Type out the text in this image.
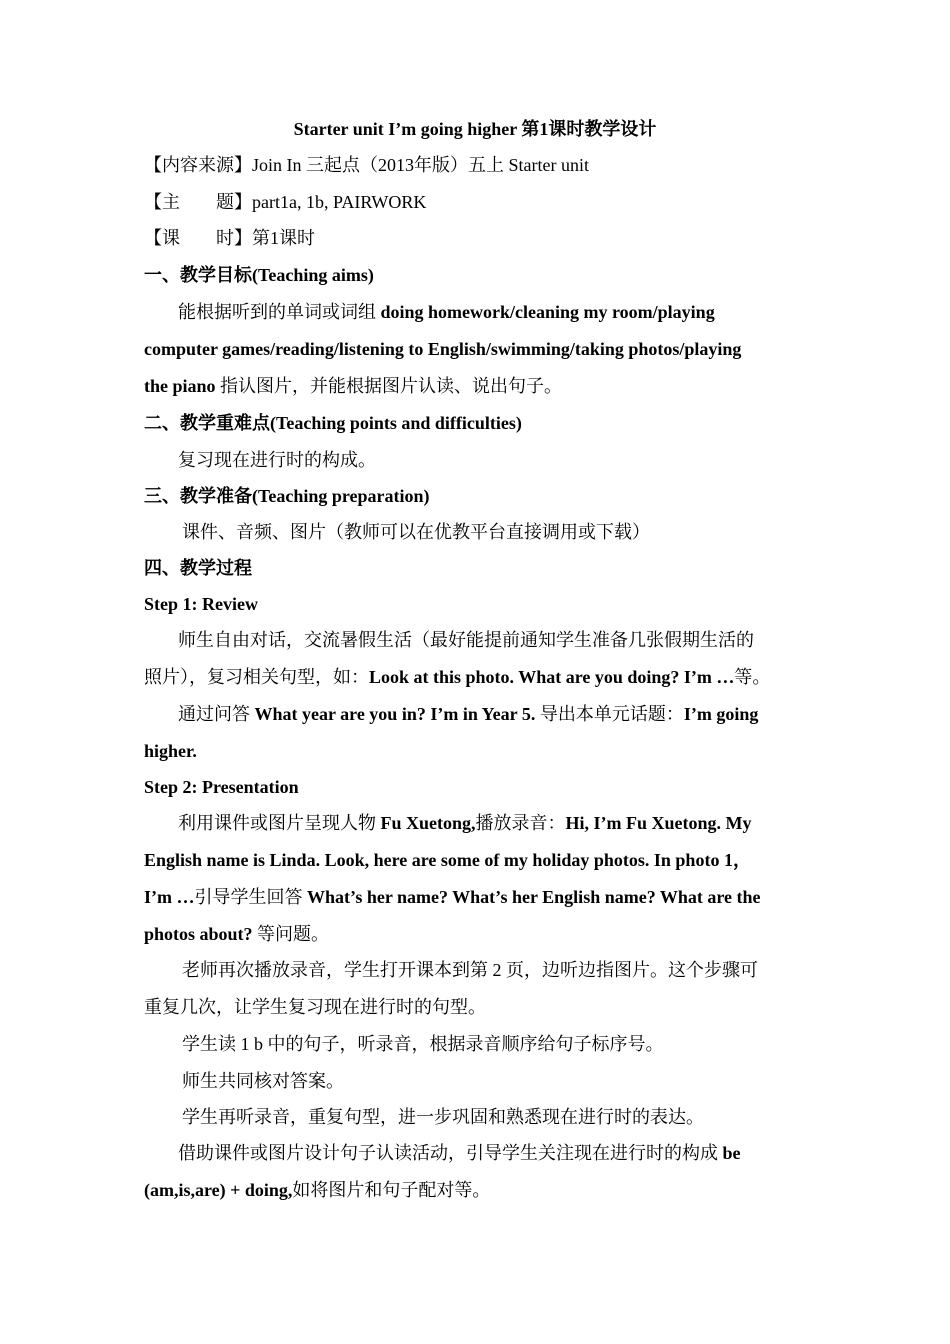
Starter unit I’m going higher 第1课时教学设计
【内容来源】Join In 三起点（2013年版）五上 Starter unit
【主　　题】part1a, 1b, PAIRWORK
【课　　时】第1课时
一、教学目标(Teaching aims)
能根据听到的单词或词组 doing homework/cleaning my room/playing
computer games/reading/listening to English/swimming/taking photos/playing
the piano 指认图片，并能根据图片认读、说出句子。
二、教学重难点(Teaching points and difficulties)
复习现在进行时的构成。
三、教学准备(Teaching preparation)
课件、音频、图片（教师可以在优教平台直接调用或下载）
四、教学过程
Step 1: Review
师生自由对话，交流暑假生活（最好能提前通知学生准备几张假期生活的
照片），复习相关句型，如：Look at this photo. What are you doing? I’m …等。
通过问答 What year are you in? I’m in Year 5. 导出本单元话题：I’m going
higher.
Step 2: Presentation
利用课件或图片呈现人物 Fu Xuetong,播放录音：Hi, I’m Fu Xuetong. My
English name is Linda. Look, here are some of my holiday photos. In photo 1，
I’m …引导学生回答 What’s her name? What’s her English name? What are the
photos about? 等问题。
老师再次播放录音，学生打开课本到第 2 页，边听边指图片。这个步骤可
重复几次，让学生复习现在进行时的句型。
学生读 1 b 中的句子，听录音，根据录音顺序给句子标序号。
师生共同核对答案。
学生再听录音，重复句型，进一步巩固和熟悉现在进行时的表达。
借助课件或图片设计句子认读活动，引导学生关注现在进行时的构成 be
(am,is,are) + doing,如将图片和句子配对等。
